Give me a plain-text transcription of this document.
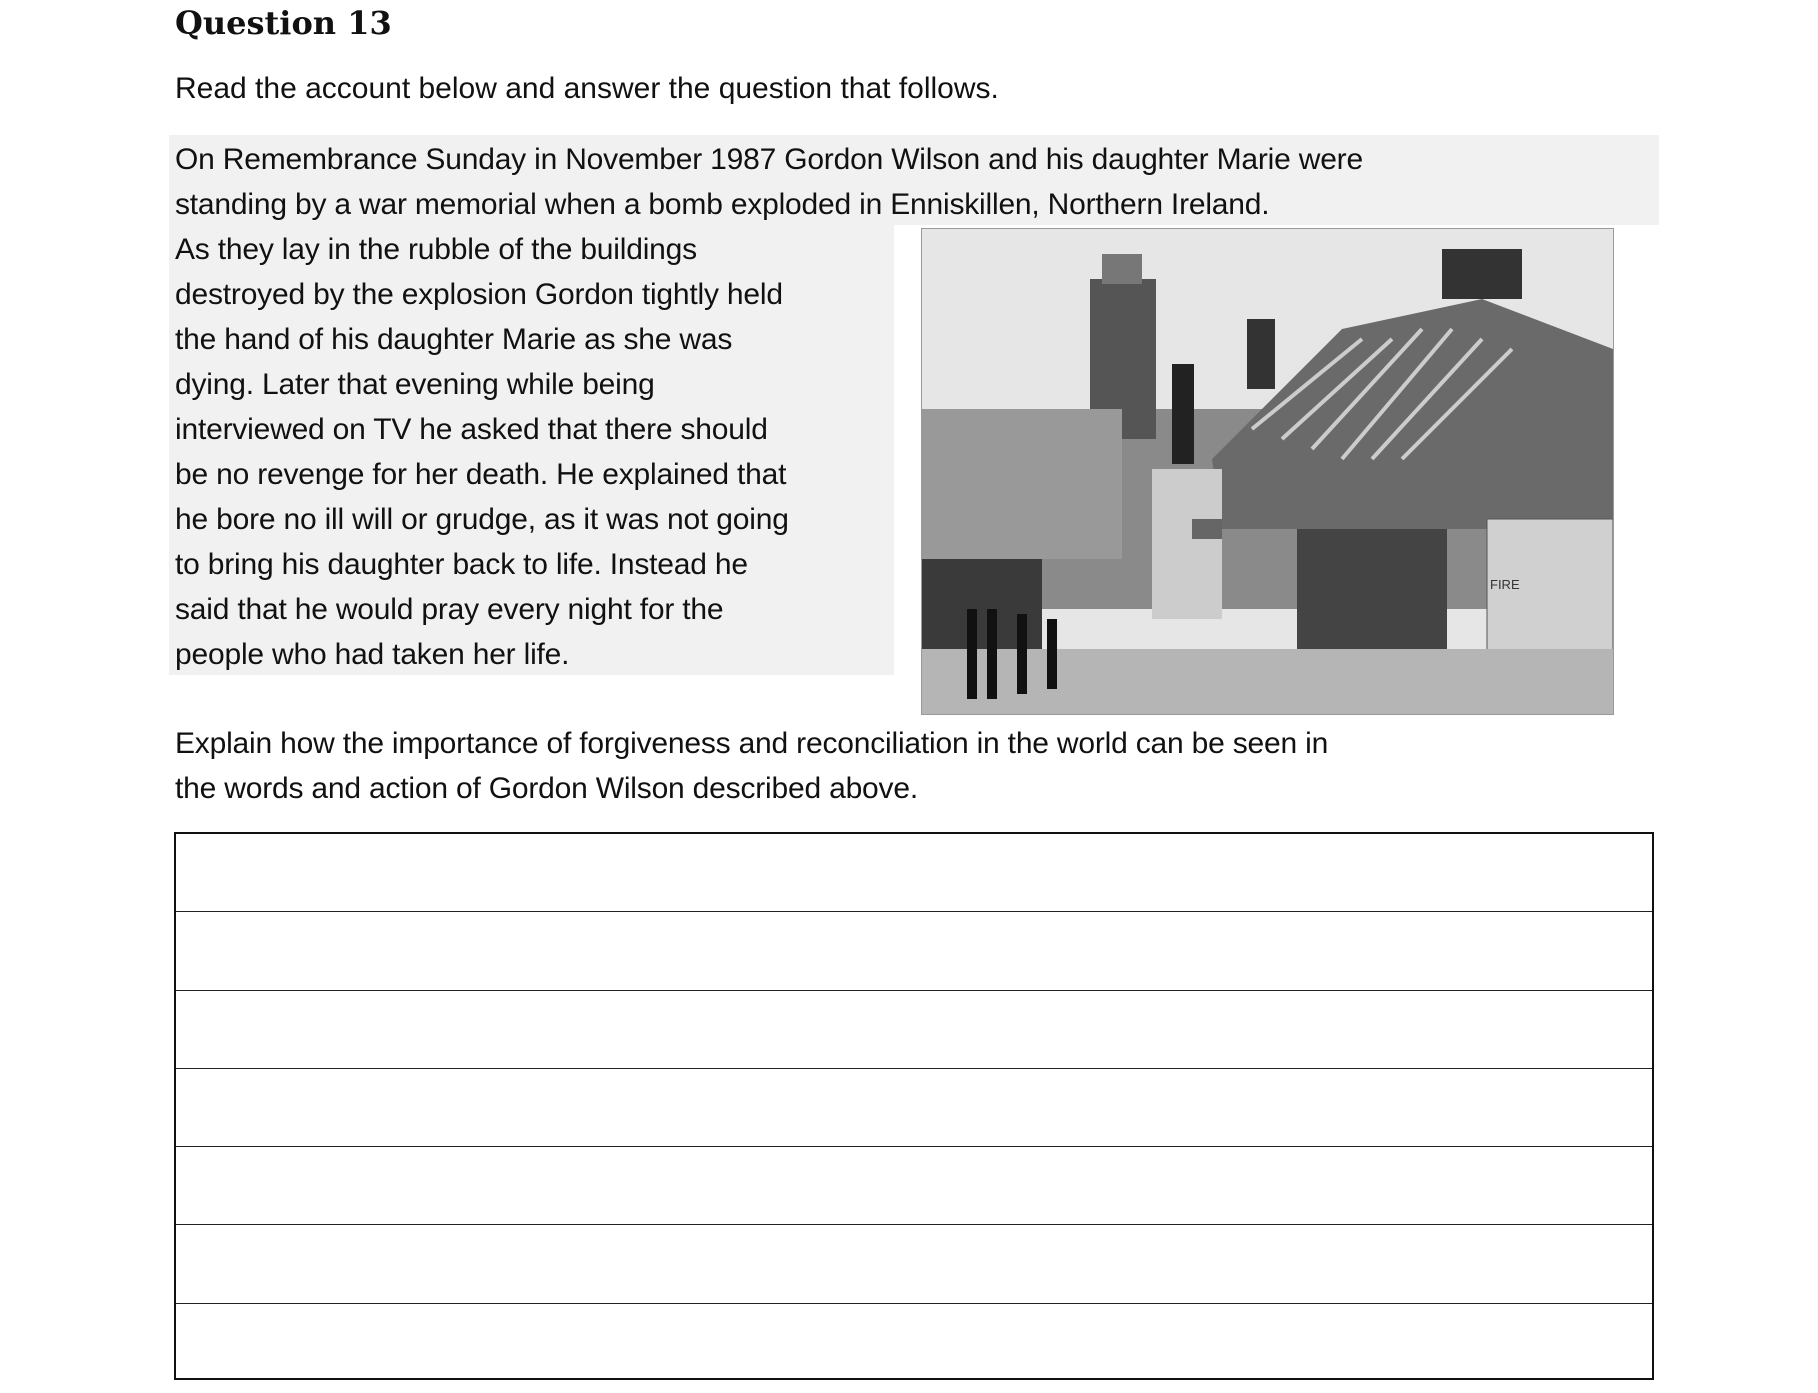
Question 13
Read the account below and answer the question that follows.
On Remembrance Sunday in November 1987 Gordon Wilson and his daughter Marie were
standing by a war memorial when a bomb exploded in Enniskillen, Northern Ireland.
As they lay in the rubble of the buildings
destroyed by the explosion Gordon tightly held
the hand of his daughter Marie as she was
dying. Later that evening while being
interviewed on TV he asked that there should
be no revenge for her death. He explained that
he bore no ill will or grudge, as it was not going
to bring his daughter back to life. Instead he
said that he would pray every night for the
people who had taken her life.
FIRE
Explain how the importance of forgiveness and reconciliation in the world can be seen in
the words and action of Gordon Wilson described above.
